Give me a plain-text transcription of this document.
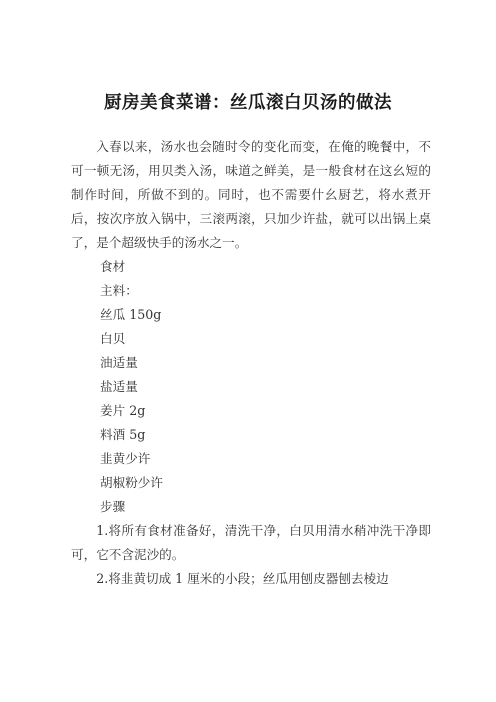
厨房美食菜谱：丝瓜滚白贝汤的做法

入春以来，汤水也会随时令的变化而变，在俺的晚餐中，不可一顿无汤，用贝类入汤，味道之鲜美，是一般食材在这幺短的制作时间，所做不到的。同时，也不需要什幺厨艺，将水煮开后，按次序放入锅中，三滚两滚，只加少许盐，就可以出锅上桌了，是个超级快手的汤水之一。

食材

主料：

丝瓜 150g

白贝

油适量

盐适量

姜片 2g

料酒 5g

韭黄少许

胡椒粉少许

步骤

1.将所有食材准备好，清洗干净，白贝用清水稍冲洗干净即可，它不含泥沙的。

2.将韭黄切成 1 厘米的小段；丝瓜用刨皮器刨去棱边
